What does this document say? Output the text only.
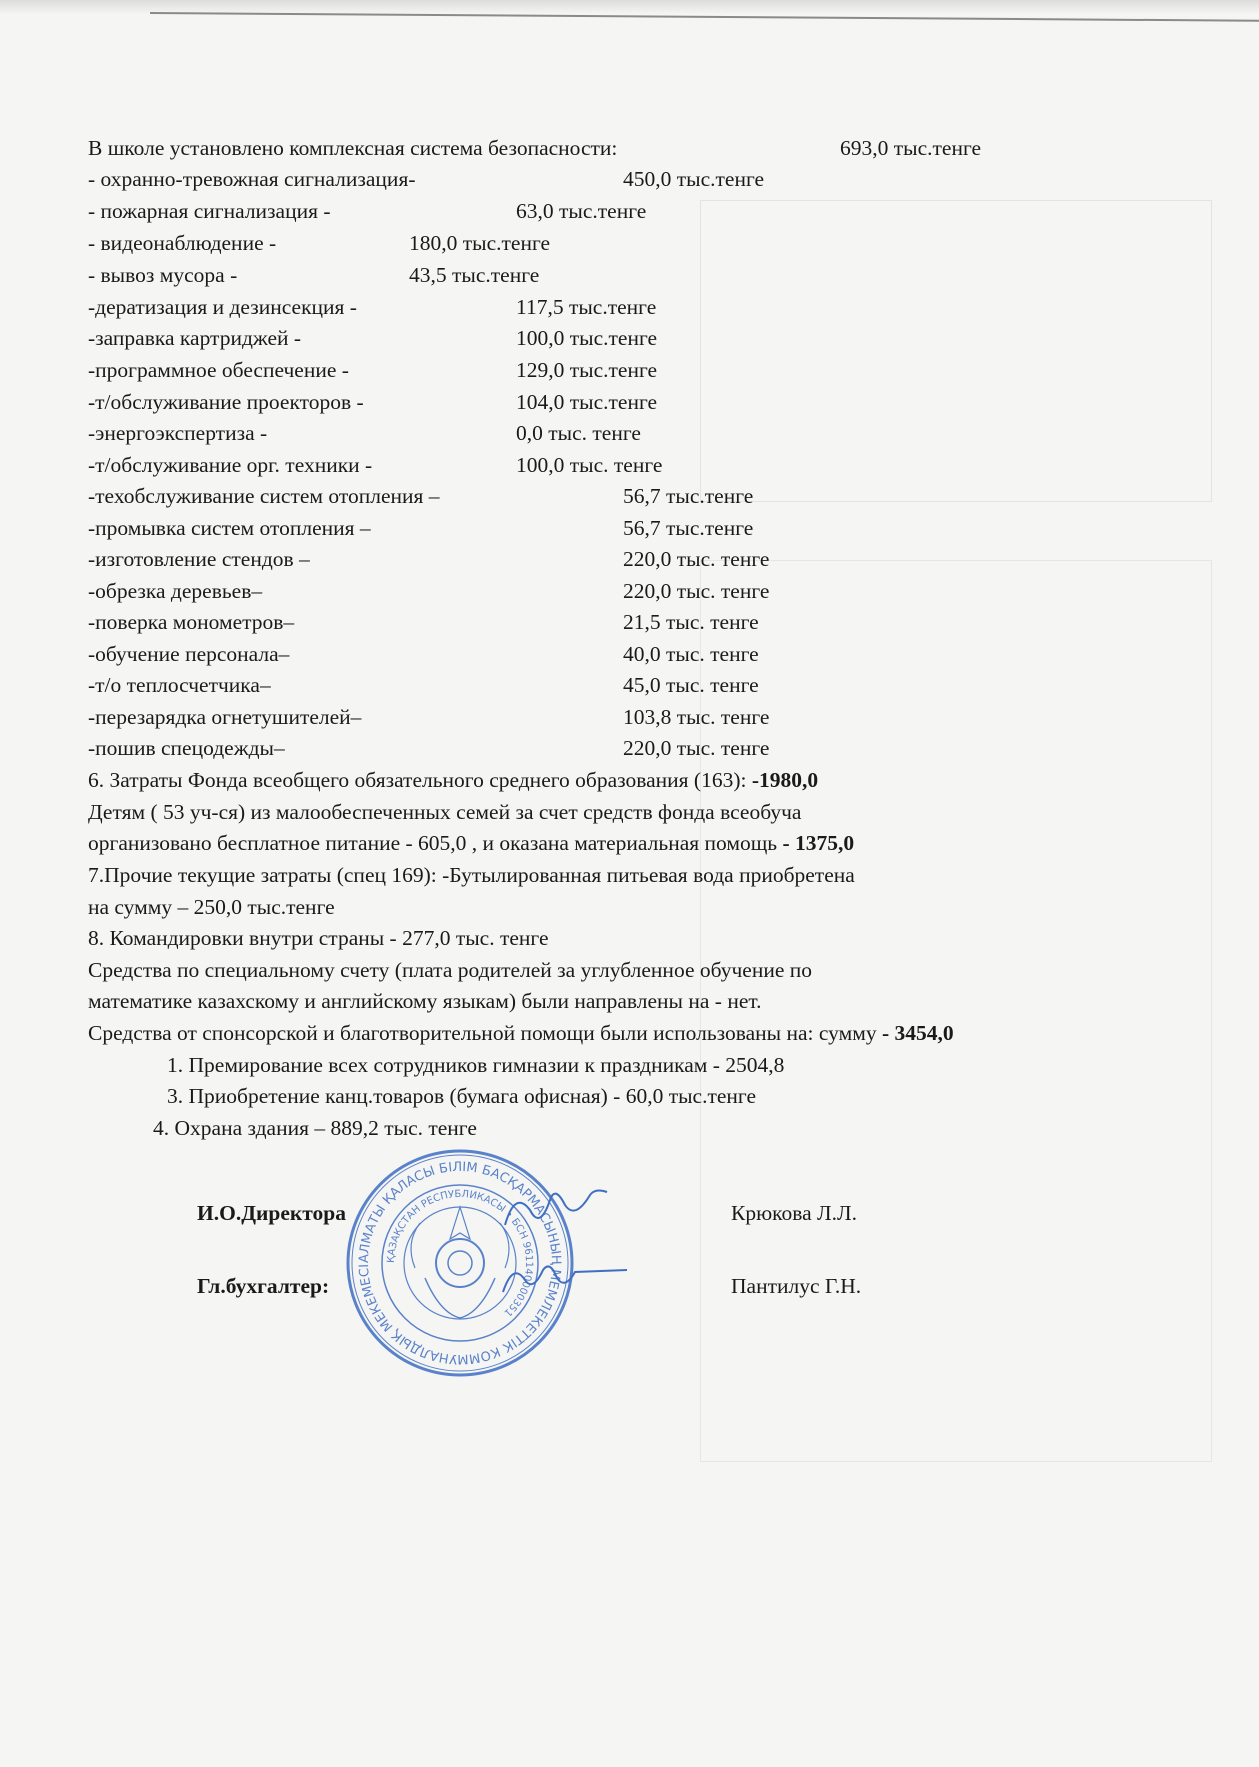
В школе установлено комплексная система безопасности:	693,0 тыс.тенге
- охранно-тревожная сигнализация-	450,0 тыс.тенге
- пожарная сигнализация -	63,0 тыс.тенге
- видеонаблюдение -	180,0 тыс.тенге
- вывоз мусора -	43,5 тыс.тенге
-дератизация и дезинсекция -	117,5 тыс.тенге
-заправка картриджей -	100,0 тыс.тенге
-программное обеспечение -	129,0 тыс.тенге
-т/обслуживание проекторов -	104,0 тыс.тенге
-энергоэкспертиза -	0,0 тыс. тенге
-т/обслуживание орг. техники -	100,0 тыс. тенге
-техобслуживание систем отопления –	56,7 тыс.тенге
-промывка систем отопления –	56,7 тыс.тенге
-изготовление стендов –	220,0 тыс. тенге
-обрезка деревьев–	220,0 тыс. тенге
-поверка монометров–	21,5 тыс. тенге
-обучение персонала–	40,0 тыс. тенге
-т/о теплосчетчика–	45,0 тыс. тенге
-перезарядка огнетушителей–	103,8 тыс. тенге
-пошив спецодежды–	220,0 тыс. тенге
6. Затраты Фонда всеобщего обязательного среднего образования (163): -1980,0
Детям ( 53 уч-ся) из малообеспеченных семей за счет средств фонда всеобуча
организовано бесплатное питание - 605,0 , и оказана материальная помощь - 1375,0
7.Прочие текущие затраты (спец 169): -Бутылированная питьевая вода приобретена
на сумму – 250,0 тыс.тенге
8. Командировки внутри страны - 277,0 тыс. тенге
Средства по специальному счету (плата родителей за углубленное обучение по
математике казахскому и английскому языкам) были направлены на - нет.
Средства от спонсорской и благотворительной помощи были использованы на: сумму - 3454,0
1. Премирование всех сотрудников гимназии к праздникам - 2504,8
3. Приобретение канц.товаров (бумага офисная) - 60,0 тыс.тенге
4. Охрана здания – 889,2 тыс. тенге
АЛМАТЫ ҚАЛАСЫ БІЛІМ БАСҚАРМАСЫНЫҢ МЕМЛЕКЕТТІК КОММУНАЛДЫҚ МЕКЕМЕСІ
ҚАЗАҚСТАН РЕСПУБЛИКАСЫ • БСН 961140000351
И.О.Директора	Крюкова Л.Л.
Гл.бухгалтер:	Пантилус Г.Н.
